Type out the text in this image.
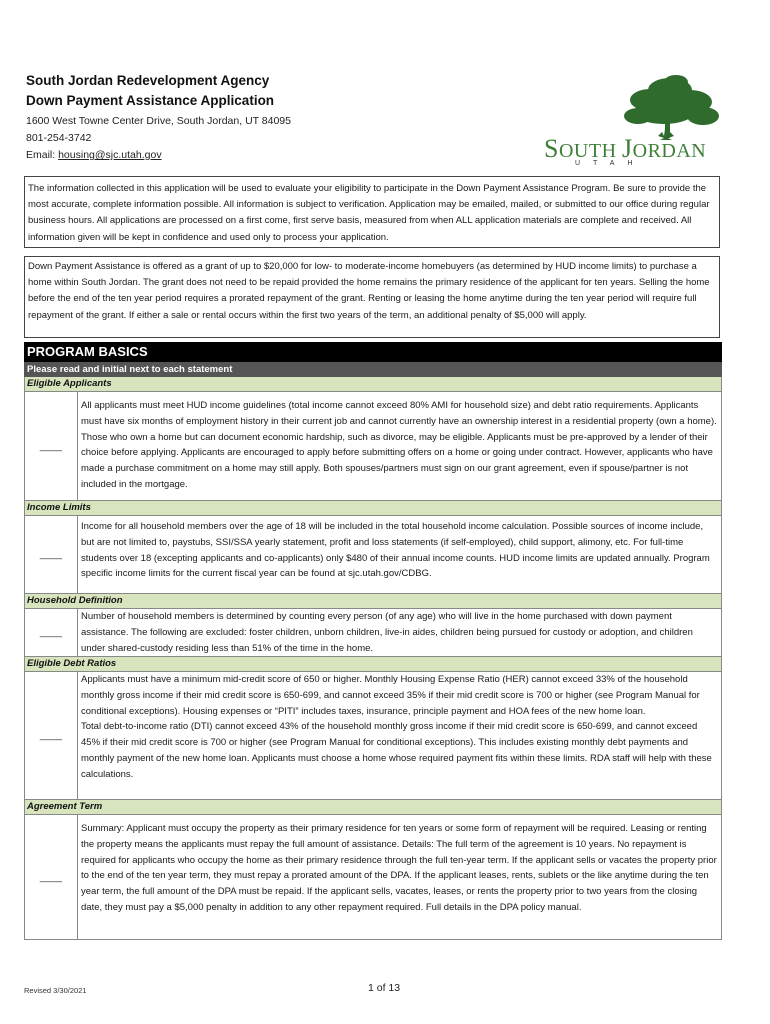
South Jordan Redevelopment Agency
Down Payment Assistance Application
1600 West Towne Center Drive, South Jordan, UT 84095
801-254-3742
Email: housing@sjc.utah.gov	SOUTH JORDAN
UTAH
The information collected in this application will be used to evaluate your eligibility to participate in the Down Payment Assistance Program. Be sure to provide the most accurate, complete information possible. All information is subject to verification. Application may be emailed, mailed, or submitted to our office during regular business hours. All applications are processed on a first come, first serve basis, measured from when ALL application materials are complete and received. All information given will be kept in confidence and used only to process your application.
Down Payment Assistance is offered as a grant of up to $20,000 for low- to moderate-income homebuyers (as determined by HUD income limits) to purchase a home within South Jordan. The grant does not need to be repaid provided the home remains the primary residence of the applicant for ten years. Selling the home before the end of the ten year period requires a prorated repayment of the grant. Renting or leasing the home anytime during the ten year period will require full repayment of the grant. If either a sale or rental occurs within the first two years of the term, an additional penalty of $5,000 will apply.
PROGRAM BASICS
Please read and initial next to each statement
Eligible Applicants
____
All applicants must meet HUD income guidelines (total income cannot exceed 80% AMI for household size) and debt ratio requirements. Applicants must have six months of employment history in their current job and cannot currently have an ownership interest in a residential property (own a home). Those who own a home but can document economic hardship, such as divorce, may be eligible. Applicants must be pre-approved by a lender of their choice before applying. Applicants are encouraged to apply before submitting offers on a home or going under contract. However, applicants who have made a purchase commitment on a home may still apply. Both spouses/partners must sign on our grant agreement, even if spouse/partner is not included in the mortgage.
Income Limits
____
Income for all household members over the age of 18 will be included in the total household income calculation. Possible sources of income include, but are not limited to, paystubs, SSI/SSA yearly statement, profit and loss statements (if self-employed), child support, alimony, etc. For full-time students over 18 (excepting applicants and co-applicants) only $480 of their annual income counts. HUD income limits are updated annually. Program specific income limits for the current fiscal year can be found at sjc.utah.gov/CDBG.
Household Definition
____
Number of household members is determined by counting every person (of any age) who will live in the home purchased with down payment assistance. The following are excluded: foster children, unborn children, live-in aides, children being pursued for custody or adoption, and children under shared-custody residing less than 51% of the time in the home.
Eligible Debt Ratios
____
Applicants must have a minimum mid-credit score of 650 or higher. Monthly Housing Expense Ratio (HER) cannot exceed 33% of the household monthly gross income if their mid credit score is 650-699, and cannot exceed 35% if their mid credit score is 700 or higher (see Program Manual for conditional exceptions). Housing expenses or “PITI” includes taxes, insurance, principle payment and HOA fees of the new home loan.
Total debt-to-income ratio (DTI) cannot exceed 43% of the household monthly gross income if their mid credit score is 650-699, and cannot exceed 45% if their mid credit score is 700 or higher (see Program Manual for conditional exceptions). This includes existing monthly debt payments and monthly payment of the new home loan. Applicants must choose a home whose required payment fits within these limits. RDA staff will help with these calculations.
Agreement Term
____
Summary: Applicant must occupy the property as their primary residence for ten years or some form of repayment will be required. Leasing or renting the property means the applicants must repay the full amount of assistance. Details: The full term of the agreement is 10 years. No repayment is required for applicants who occupy the home as their primary residence through the full ten-year term. If the applicant sells or vacates the property prior to the end of the ten year term, they must repay a prorated amount of the DPA. If the applicant leases, rents, sublets or the like anytime during the ten year term, the full amount of the DPA must be repaid. If the applicant sells, vacates, leases, or rents the property prior to two years from the closing date, they must pay a $5,000 penalty in addition to any other repayment required. Full details in the DPA policy manual.
Revised 3/30/2021	1 of 13
